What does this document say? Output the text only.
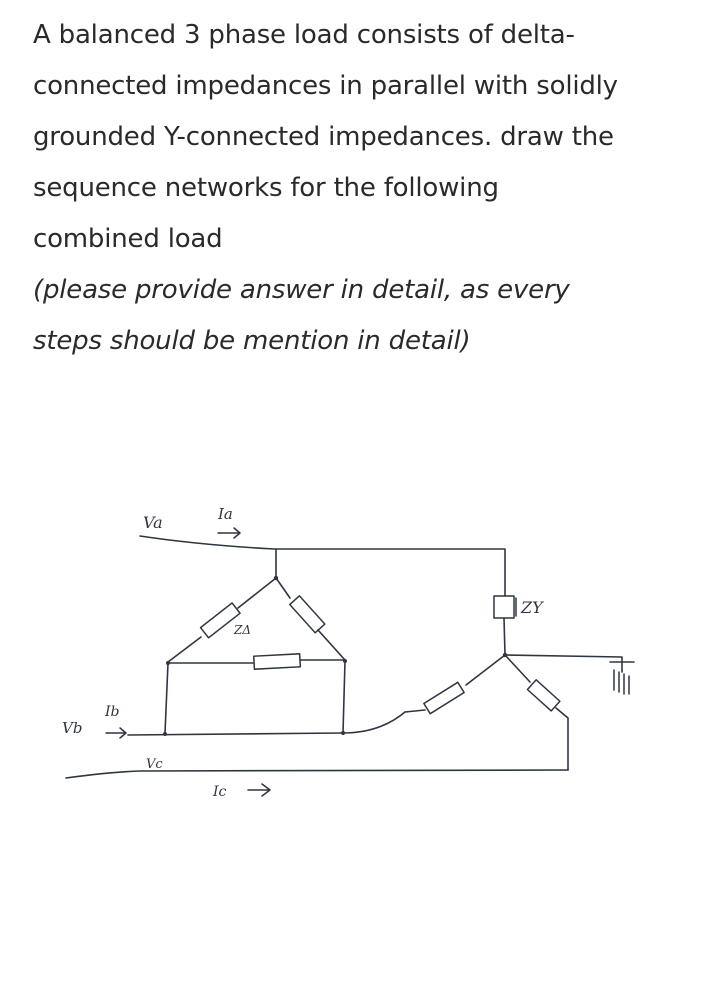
A balanced 3 phase load consists of delta-
connected impedances in parallel with solidly
grounded Y-connected impedances. draw the
sequence networks for the following
combined load
(please provide answer in detail, as every
steps should be mention in detail)
Va	Ia
Vb
Ib
Vc
Ic
ZΔ
ZY
